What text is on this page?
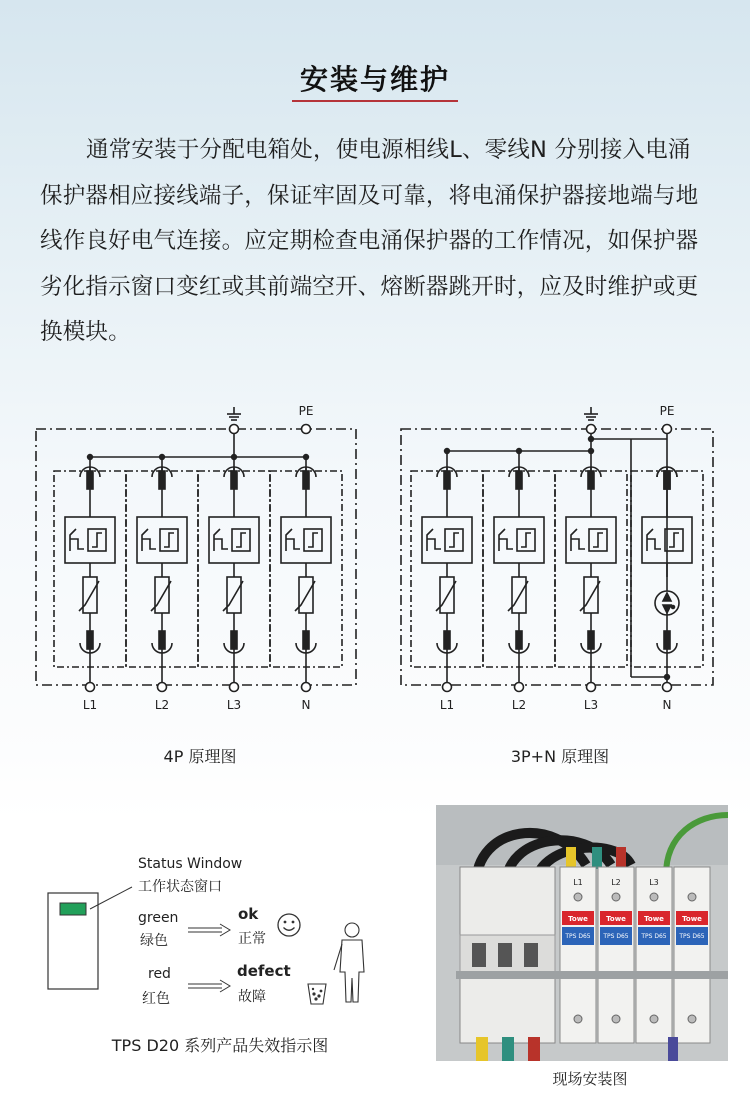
安装与维护
通常安装于分配电箱处，使电源相线L、零线N 分别接入电涌保护器相应接线端子，保证牢固及可靠，将电涌保护器接地端与地线作良好电气连接。应定期检查电涌保护器的工作情况，如保护器劣化指示窗口变红或其前端空开、熔断器跳开时，应及时维护或更换模块。
PE
L1	L2	L3	N
4P 原理图
PE
L1	L2	L3	N
3P+N 原理图
Status Window
工作状态窗口
green
绿色
ok
正常
red
红色
defect
故障
TPS D20 系列产品失效指示图
Towe
TPS D65
L1
Towe
TPS D65
L2
Towe
TPS D65
L3
Towe
TPS D65
现场安装图
